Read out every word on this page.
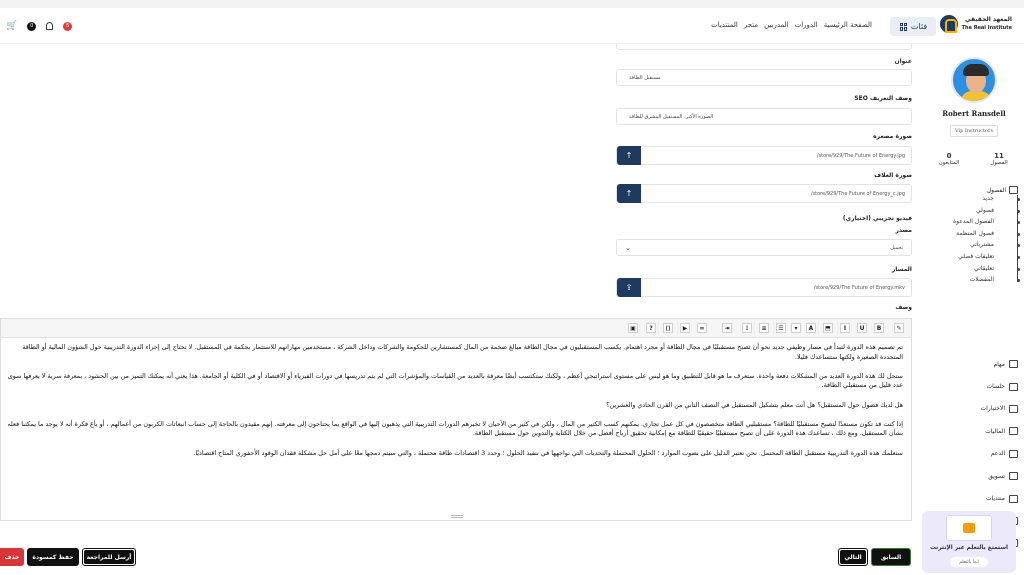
المعهد الحقيقي
The Real Institute
فئات
الصفحة الرئيسية
الدورات
المدربين
متجر
المنتديات
5
0
🛒
Robert Ransdell
Vip Instructors
11
الفصول
0
المتابعون
الفصول
جديد
فصولي
الفصول المدعوة
فصول المنظمة
مشترياتي
تعليقات فصلي
تعليقاتي
المفضلات
مهام
جلسات
الاختبارات
الماليات
الدعم
تسويق
منتديات
استمتع بالتعلم عبر الإنترنت
ابدأ بالتعلم
عنوان
مستقبل الطاقة
وصف التعريف SEO
الصورة الأكبر: المستقبل المشرق للطاقة
صورة مصغره
↑	/store/929/The Future of Energy.jpg
صورة الغلاف
↑	/store/929/The Future of Energy_c.jpg
فيديو تجريبي (اختياري)
مصدر
تحميل
⌄
المسار
⇪	/store/929/The Future of Energy.mkv
وصف
✎
B
U
I
⬒
A
▾
☰
≡
⋮
⇥
∞
▶
⟨⟩
?
▣

تم تصميم هذه الدورة لتبدأ في مسار وظيفي جديد نحو أن تصبح مستقبليًا في مجال الطاقة أو مجرد اهتمام. يكسب المستقبليون في مجال الطاقة مبالغ ضخمة من المال كمستشارين للحكومة والشركات وداخل الشركة ، مستخدمين مهاراتهم للاستثمار بحكمة في المستقبل. لا تحتاج إلى إجراء الدورة التدريبية حول الشؤون المالية أو الطاقة المتجددة الصغيرة ولكنها ستساعدك قليلا.

ستحل لك هذه الدورة العديد من المشكلات دفعة واحدة. ستعرف ما هو قابل للتطبيق وما هو ليس على مستوى استراتيجي أعظم ، ولكنك ستكتسب أيضًا معرفة بالعديد من القياسات والمؤشرات التي لم يتم تدريسها في دورات الفيزياء أو الاقتصاد أو في الكلية أو الجامعة. هذا يعني أنه يمكنك التميز من بين الحشود ، بمعرفة سرية لا يعرفها سوى عدد قليل من مستقبلي الطاقة.

هل لديك فضول حول المستقبل؟ هل أنت معلم بتشكيل المستقبل في النصف الثاني من القرن الحادي والعشرين؟

إذا كنت قد تكون مستعدًا لتصبح مستقبليًا للطاقة؟ مستقبليي الطاقة متخصصون في كل عمل تجاري. يمكنهم كسب الكثير من المال ، ولكن في كثير من الأحيان لا تخبرهم الدورات التدريبية التي يذهبون إليها في الواقع بما يحتاجون إلى معرفته. إنهم مقيدون بالحاجة إلى حساب انبعاثات الكربون من أعمالهم ، أو بأغ فكرة أنه لا يوجد ما يمكننا فعله بشأن المستقبل. ومع ذلك ، تساعدك هذه الدورة على أن تصبح مستقبليًا حقيقيًا للطاقة مع إمكانية تحقيق أرباح أفضل من خلال الكتابة والتدوين حول مستقبل الطاقة.

ستعلمك هذه الدورة التدريبية مستقبل الطاقة المحتمل. نحن نعتبر الدليل على نضوب الموارد ؛ الحلول المحتملة والتحديات التي نواجهها في تنفيذ الحلول ؛ وحدد 3 اقتصادات طاقة محتملة ، والتي سيتم دمجها معًا على أمل حل مشكلة فقدان الوقود الأحفوري المتاح اقتصاديًا.

السابق
التالي
أرسل للمراجعة
حفظ كمسودة
حذف
